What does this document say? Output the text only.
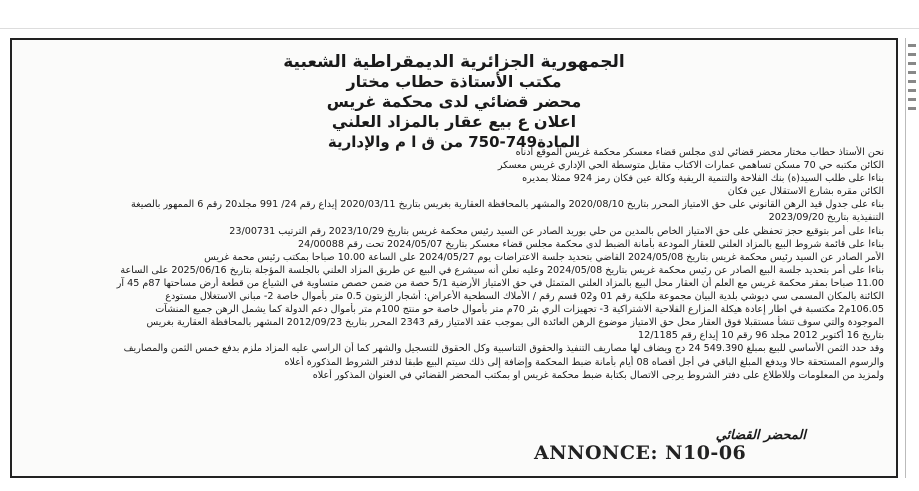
الجمهورية الجزائرية الديمقراطية الشعبية
مكتب الأستاذة حطاب مختار
محضر قضائي لدى محكمة غريس
اعلان ع بيع عقار بالمزاد العلني
المادة749-750 من ق ا م والإدارية

نحن الأستاذ حطاب مختار محضر قضائي لدى مجلس قضاء معسكر محكمة غريس الموقع أدناه

الكائن مكتبه حي 70 مسكن تساهمي عمارات الاكتاب مقابل متوسطة الحي الإداري غريس معسكر

بناءا على طلب السيد(ة) بنك الفلاحة والتنمية الريفية وكالة عين فكان رمز 924 ممثلا بمديره

الكائن مقره بشارع الاستقلال عين فكان

بناء على جدول قيد الرهن القانوني على حق الامتياز المحرر بتاريخ 2020/08/10 والمشهر بالمحافظة العقارية بغريس بتاريخ 2020/03/11 إيداع رقم 24/ 991 مجلد20 رقم 6 الممهور بالصيغة

التنفيذية بتاريخ 2023/09/20

بناءا على أمر بتوقيع حجز تحفظي على حق الامتياز الخاص بالمدين من حلي بوريد الصادر عن السيد رئيس محكمة غريس بتاريخ 2023/10/29 رقم الترتيب 23/00731

بناءا على قائمة شروط البيع بالمزاد العلني للعقار المودعة بأمانة الضبط لدى محكمة مجلس قضاء معسكر بتاريخ 2024/05/07 تحت رقم 24/00088

الأمر الصادر عن السيد رئيس محكمة غريس بتاريخ 2024/05/08 القاضي بتحديد جلسة الاعتراضات يوم 2024/05/27 على الساعة 10.00 صباحا بمكتب رئيس محمة غريس

بناءا على أمر بتحديد جلسة البيع الصادر عن رئيس محكمة غريس بتاريخ 2024/05/08 وعليه نعلن أنه سيشرع في البيع عن طريق المزاد العلني بالجلسة المؤجلة بتاريخ 2025/06/16 على الساعة

11.00 صباحا بمقر محكمة غريس مع العلم أن العقار محل البيع بالمزاد العلني المتمثل في حق الامتياز الأرضية 5/1 حصة من ضمن حصص متساوية في الشياع من قطعة أرض مساحتها 87م 45 آر

الكائنة بالمكان المسمى سي ديوشي بلدية البيان مجموعة ملكية رقم 01 و02 قسم رقم / الأملاك السطحية الأعراض: أشجار الزيتون 0.5 متر بأموال خاصة 2- مباني الاستغلال مستودع

106.05م2 مكتسبة في اطار إعادة هيكلة المزارع الفلاحية الاشتراكية 3- تجهيزات الري بئر 70م متر بأموال خاصة حو منتج 100م متر بأموال دعم الدولة كما يشمل الرهن جميع المنشآت

الموجودة والتي سوف تنشأ مستقبلا فوق العقار محل حق الامتياز موضوع الرهن العائدة الى بموجب عقد الامتياز رقم 2343 المحرر بتاريخ 2012/09/23 المشهر بالمحافظة العقارية بغريس

بتاريخ 16 أكتوبر 2012 مجلد 96 رقم 10 إيداع رقم 12/1185

وقد حدد الثمن الأساسي للبيع بمبلغ 549.390 24 دج ويضاف لها مصاريف التنفيذ والحقوق التناسبية وكل الحقوق للتسجيل والشهر كما أن الراسي عليه المزاد ملزم بدفع خمس الثمن والمصاريف

والرسوم المستحقة حالا ويدفع المبلغ الباقي في أجل أقصاه 08 أيام بأمانة ضبط المحكمة وإضافة إلى ذلك سيتم البيع طبقا لدفتر الشروط المذكورة أعلاه

ولمزيد من المعلومات وللاطلاع على دفتر الشروط يرجى الاتصال بكتابة ضبط محكمة غريس او بمكتب المحضر القضائي في العنوان المذكور أعلاه

المحضر القضائي
ANNONCE: N10-06
